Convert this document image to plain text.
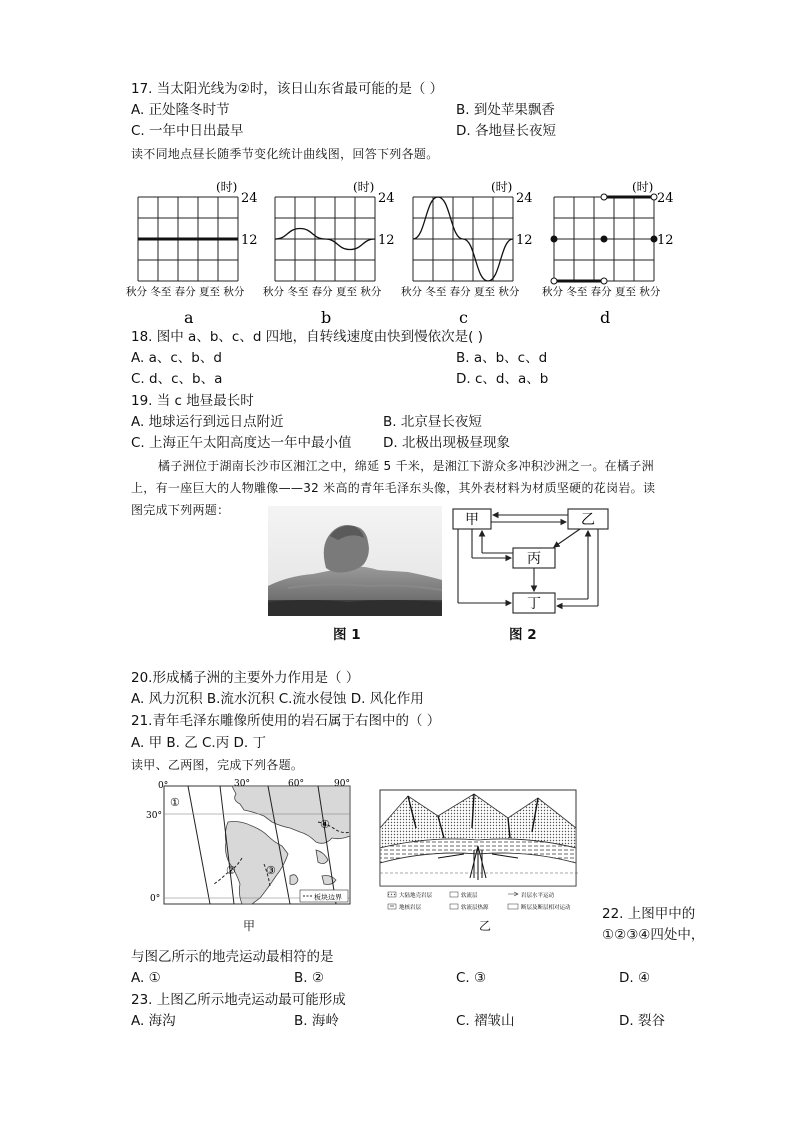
17. 当太阳光线为②时，该日山东省最可能的是（ ）
A. 正处隆冬时节	B. 到处苹果飘香
C. 一年中日出最早	D. 各地昼长夜短
读不同地点昼长随季节变化统计曲线图，回答下列各题。
(时)
24
12
秋分 冬至 春分 夏至 秋分
a
(时)
24
12
秋分 冬至 春分 夏至 秋分
b
(时)
24
12
秋分 冬至 春分 夏至 秋分
c
(时)
24
12
秋分 冬至 春分 夏至 秋分
d
18. 图中 a、b、c、d 四地，自转线速度由快到慢依次是( )
A. a、c、b、d	B. a、b、c、d
C. d、c、b、a	D. c、d、a、b
19. 当 c 地昼最长时
A. 地球运行到远日点附近	B. 北京昼长夜短
C. 上海正午太阳高度达一年中最小值 D. 北极出现极昼现象
橘子洲位于湖南长沙市区湘江之中，绵延 5 千米，是湘江下游众多冲积沙洲之一。在橘子洲
上，有一座巨大的人物雕像——32 米高的青年毛泽东头像，其外表材料为材质坚硬的花岗岩。读
图完成下列两题：
图 1
甲	乙
丙
丁
图 2
20.形成橘子洲的主要外力作用是（ ）
A. 风力沉积 B.流水沉积 C.流水侵蚀 D. 风化作用
21.青年毛泽东雕像所使用的岩石属于右图中的（ ）
A. 甲 B. 乙 C.丙 D. 丁
读甲、乙两图，完成下列各题。
0°	30°	60°	90°
30°
0°
①
②	③
④
板块边界
甲
大陆地壳岩层	软流层	岩层水平运动
地核岩层	软流层热源	断层及断层相对运动
乙
22. 上图甲中的
①②③④四处中，
与图乙所示的地壳运动最相符的是
A. ①	B. ②	C. ③	D. ④
23. 上图乙所示地壳运动最可能形成
A. 海沟	B. 海岭	C. 褶皱山	D. 裂谷
